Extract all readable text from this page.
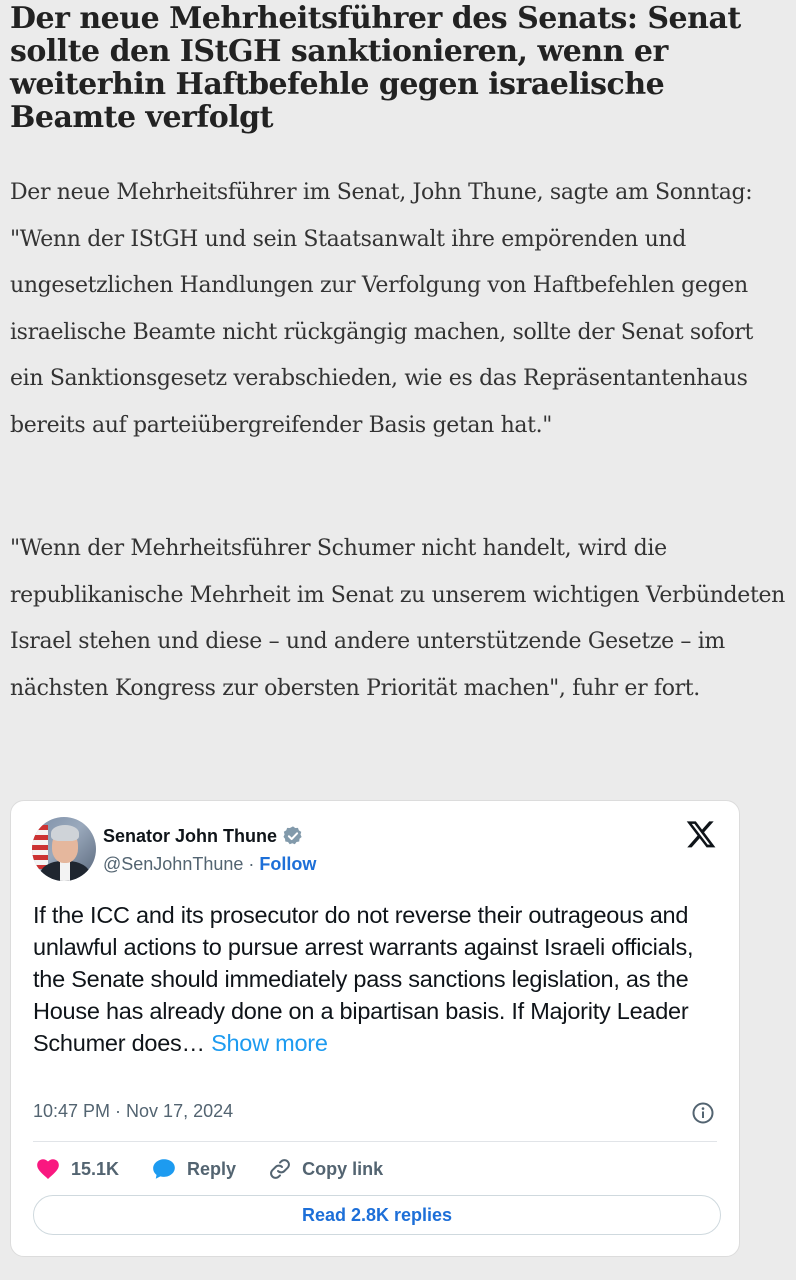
Der neue Mehrheitsführer des Senats: Senat sollte den IStGH sanktionieren, wenn er weiterhin Haftbefehle gegen israelische Beamte verfolgt

Der neue Mehrheitsführer im Senat, John Thune, sagte am Sonntag: "Wenn der IStGH und sein Staatsanwalt ihre empörenden und ungesetzlichen Handlungen zur Verfolgung von Haftbefehlen gegen israelische Beamte nicht rückgängig machen, sollte der Senat sofort ein Sanktionsgesetz verabschieden, wie es das Repräsentantenhaus bereits auf parteiübergreifender Basis getan hat."

"Wenn der Mehrheitsführer Schumer nicht handelt, wird die republikanische Mehrheit im Senat zu unserem wichtigen Verbündeten Israel stehen und diese – und andere unterstützende Gesetze – im nächsten Kongress zur obersten Priorität machen", fuhr er fort.

Senator John Thune
@SenJohnThune · Follow

If the ICC and its prosecutor do not reverse their outrageous and unlawful actions to pursue arrest warrants against Israeli officials, the Senate should immediately pass sanctions legislation, as the House has already done on a bipartisan basis. If Majority Leader Schumer does… Show more

10:47 PM · Nov 17, 2024
15.1K	Reply	Copy link
Read 2.8K replies
